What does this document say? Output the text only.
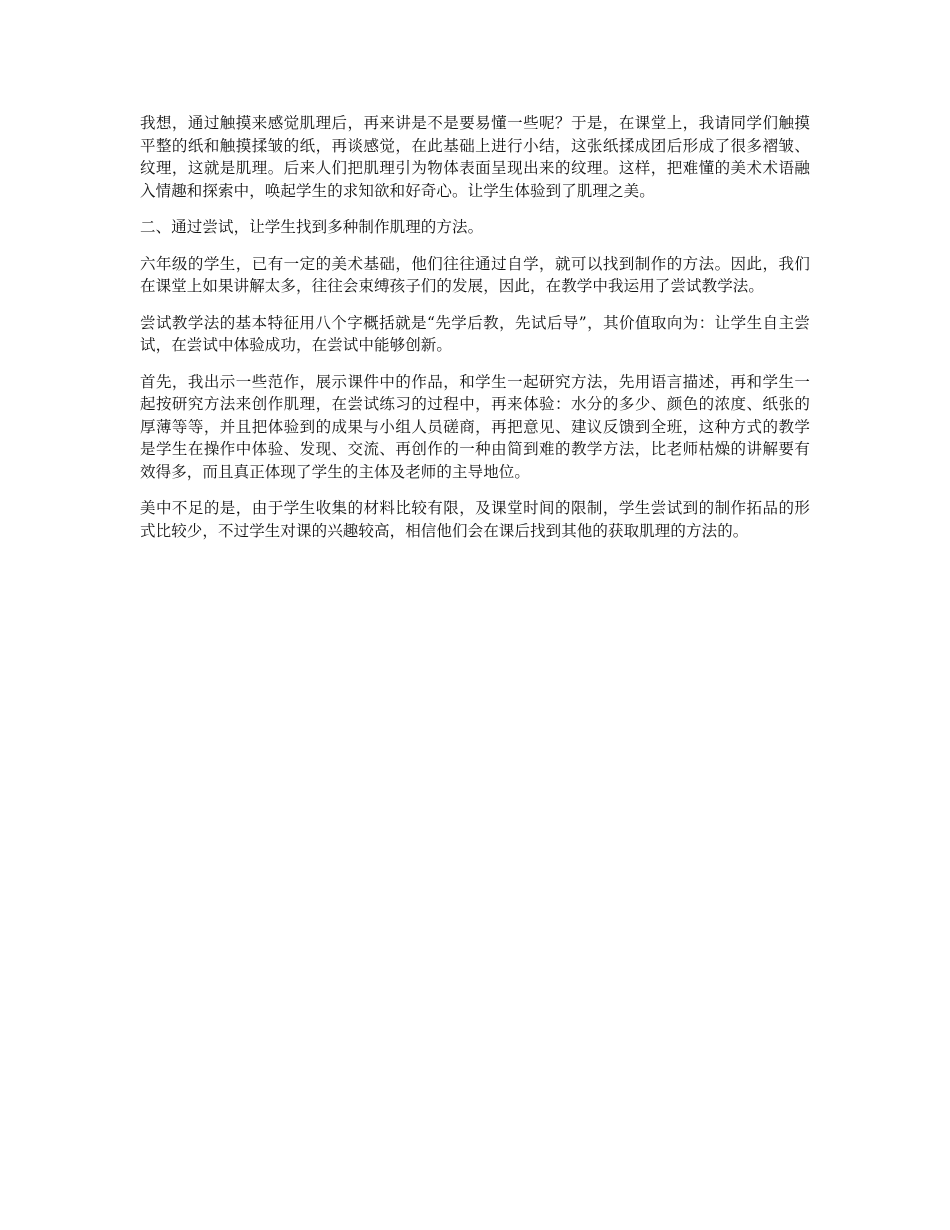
我想，通过触摸来感觉肌理后，再来讲是不是要易懂一些呢？于是，在课堂上，我请同学们触摸平整的纸和触摸揉皱的纸，再谈感觉，在此基础上进行小结，这张纸揉成团后形成了很多褶皱、纹理，这就是肌理。后来人们把肌理引为物体表面呈现出来的纹理。这样，把难懂的美术术语融入情趣和探索中，唤起学生的求知欲和好奇心。让学生体验到了肌理之美。

二、通过尝试，让学生找到多种制作肌理的方法。

六年级的学生，已有一定的美术基础，他们往往通过自学，就可以找到制作的方法。因此，我们在课堂上如果讲解太多，往往会束缚孩子们的发展，因此，在教学中我运用了尝试教学法。

尝试教学法的基本特征用八个字概括就是“先学后教，先试后导”，其价值取向为：让学生自主尝试，在尝试中体验成功，在尝试中能够创新。

首先，我出示一些范作，展示课件中的作品，和学生一起研究方法，先用语言描述，再和学生一起按研究方法来创作肌理，在尝试练习的过程中，再来体验：水分的多少、颜色的浓度、纸张的厚薄等等，并且把体验到的成果与小组人员磋商，再把意见、建议反馈到全班，这种方式的教学是学生在操作中体验、发现、交流、再创作的一种由简到难的教学方法，比老师枯燥的讲解要有效得多，而且真正体现了学生的主体及老师的主导地位。

美中不足的是，由于学生收集的材料比较有限，及课堂时间的限制，学生尝试到的制作拓品的形式比较少，不过学生对课的兴趣较高，相信他们会在课后找到其他的获取肌理的方法的。
